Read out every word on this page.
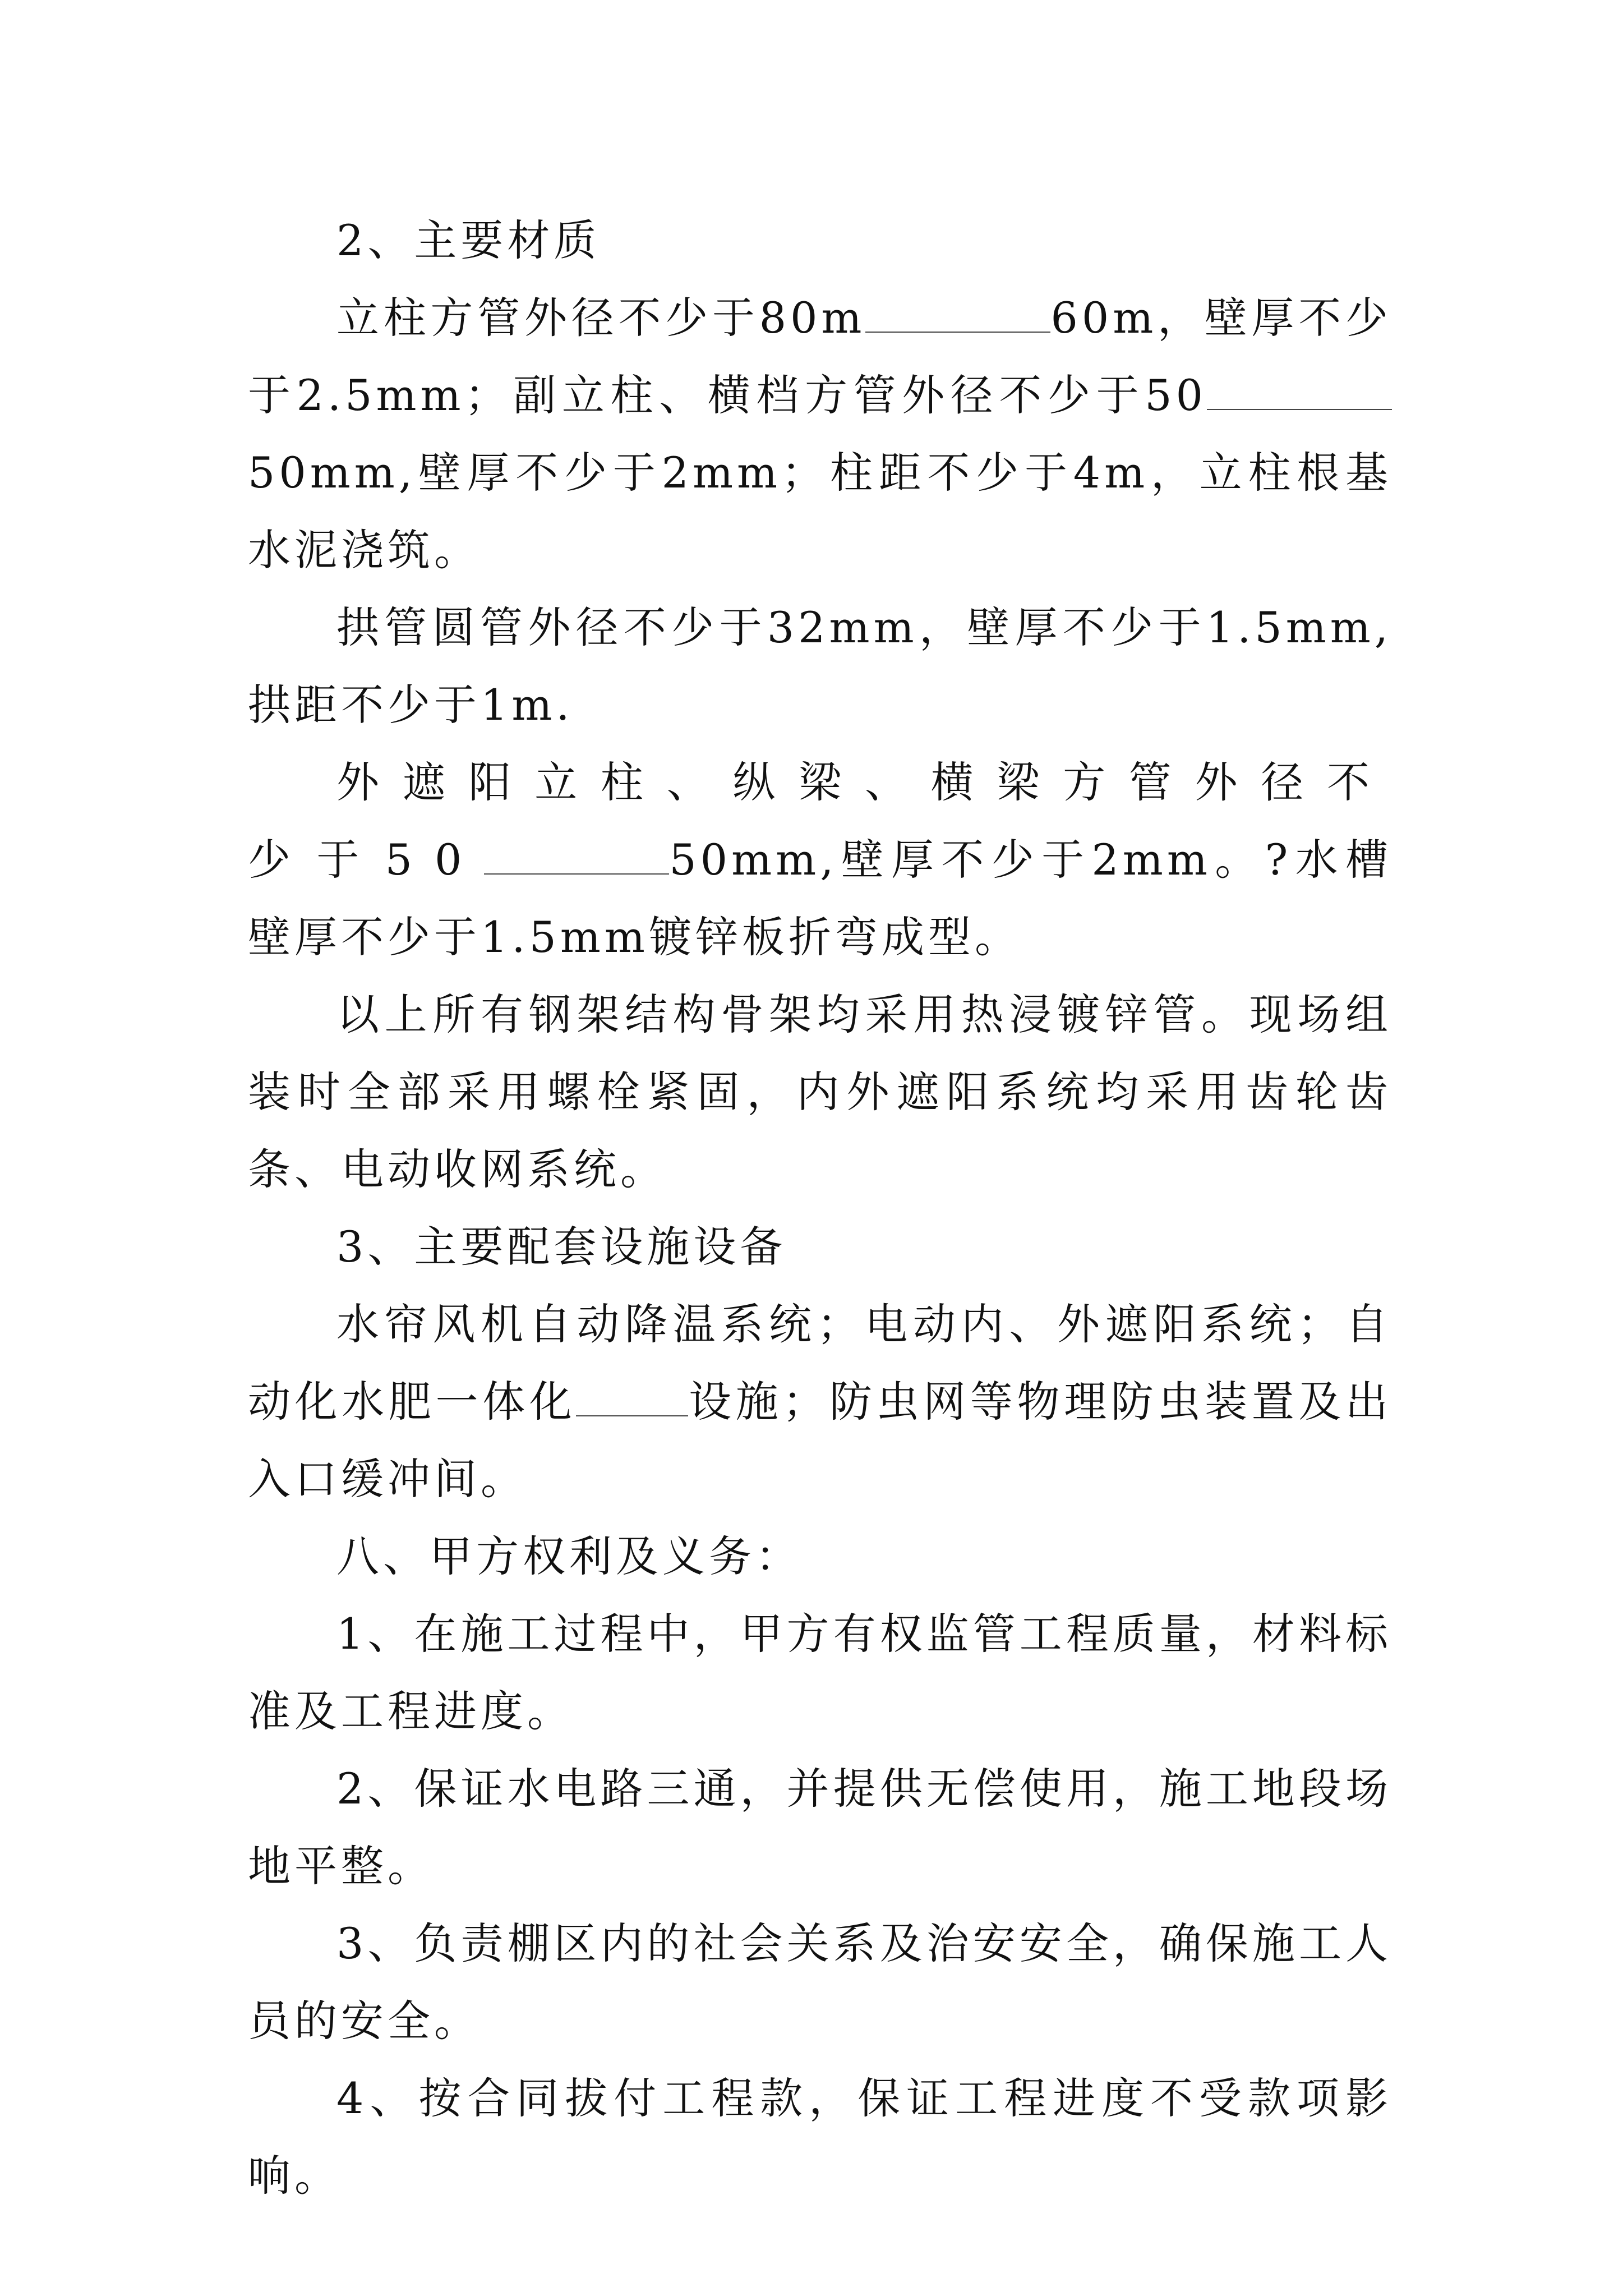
2、主要材质

立柱方管外径不少于80m	60m，壁厚不少于2.5mm；副立柱、横档方管外径不少于5050mm,壁厚不少于2mm；柱距不少于4m，立柱根基水泥浇筑。

拱管圆管外径不少于32mm，壁厚不少于1.5mm,拱距不少于1m.

外遮阳立柱、纵梁、横梁方管外径不少于50	50mm,壁厚不少于2mm。?水槽壁厚不少于1.5mm镀锌板折弯成型。

以上所有钢架结构骨架均采用热浸镀锌管。现场组装时全部采用螺栓紧固，内外遮阳系统均采用齿轮齿条、电动收网系统。

3、主要配套设施设备

水帘风机自动降温系统；电动内、外遮阳系统；自动化水肥一体化	设施；防虫网等物理防虫装置及出入口缓冲间。

八、甲方权利及义务：

1、在施工过程中，甲方有权监管工程质量，材料标准及工程进度。

2、保证水电路三通，并提供无偿使用，施工地段场地平整。

3、负责棚区内的社会关系及治安安全，确保施工人员的安全。

4、按合同拔付工程款，保证工程进度不受款项影响。
